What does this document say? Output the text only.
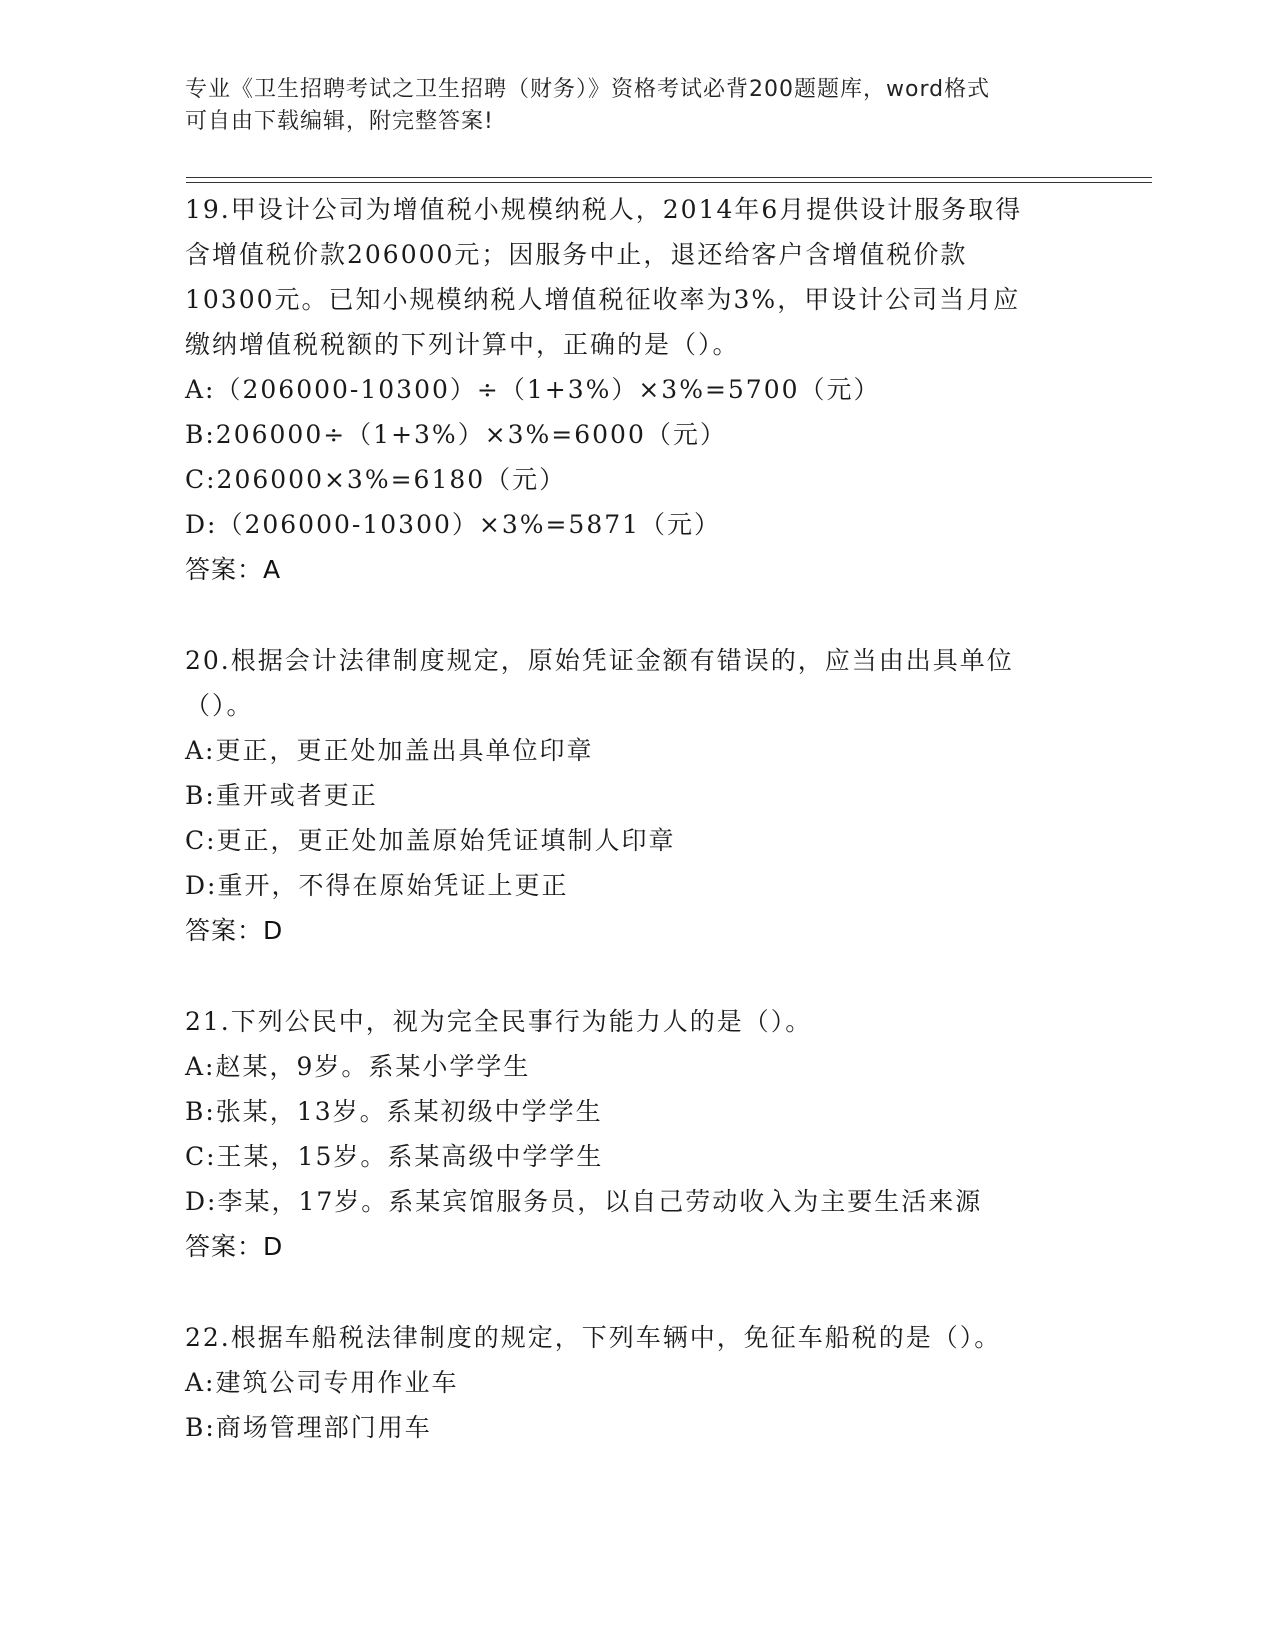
专业《卫生招聘考试之卫生招聘（财务）》资格考试必背200题题库，word格式
可自由下载编辑，附完整答案!
19.甲设计公司为增值税小规模纳税人，2014年6月提供设计服务取得
含增值税价款206000元；因服务中止，退还给客户含增值税价款
10300元。已知小规模纳税人增值税征收率为3%，甲设计公司当月应
缴纳增值税税额的下列计算中，正确的是（）。
A:（206000-10300）÷（1+3%）×3%=5700（元）
B:206000÷（1+3%）×3%=6000（元）
C:206000×3%=6180（元）
D:（206000-10300）×3%=5871（元）
答案：A
20.根据会计法律制度规定，原始凭证金额有错误的，应当由出具单位
（）。
A:更正，更正处加盖出具单位印章
B:重开或者更正
C:更正，更正处加盖原始凭证填制人印章
D:重开，不得在原始凭证上更正
答案：D
21.下列公民中，视为完全民事行为能力人的是（）。
A:赵某，9岁。系某小学学生
B:张某，13岁。系某初级中学学生
C:王某，15岁。系某高级中学学生
D:李某，17岁。系某宾馆服务员，以自己劳动收入为主要生活来源
答案：D
22.根据车船税法律制度的规定，下列车辆中，免征车船税的是（）。
A:建筑公司专用作业车
B:商场管理部门用车
